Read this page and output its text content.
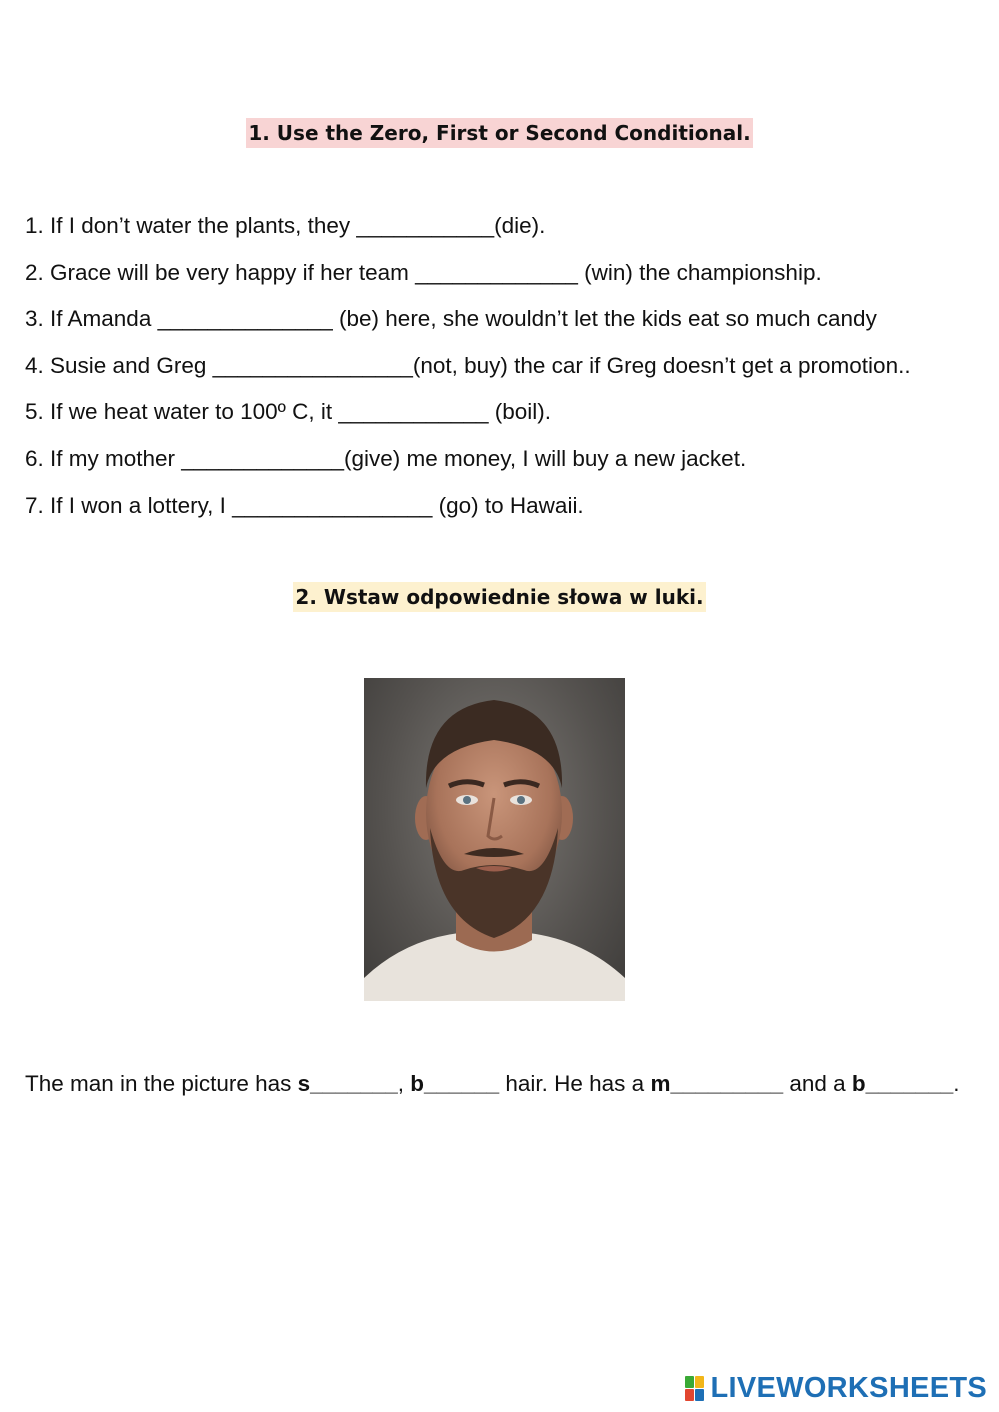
1. Use the Zero, First or Second Conditional.
1. If I don’t water the plants, they ___________(die).
2. Grace will be very happy if her team _____________ (win) the championship.
3. If Amanda ______________ (be) here, she wouldn’t let the kids eat so much candy
4. Susie and Greg ________________(not, buy) the car if Greg doesn’t get a promotion..
5. If we heat water to 100º C, it ____________ (boil).
6. If my mother _____________(give) me money, I will buy a new jacket.
7. If I won a lottery, I ________________ (go) to Hawaii.
2. Wstaw odpowiednie słowa w luki.
The man in the picture has s_______, b______ hair. He has a m_________ and a b_______.
LIVEWORKSHEETS
